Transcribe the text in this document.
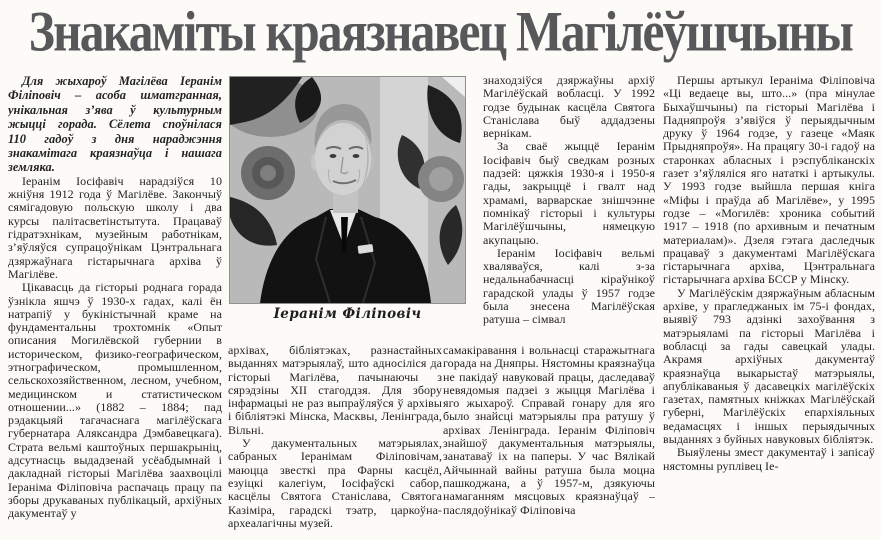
Знакаміты краязнавец Магілёўшчыны

Для жыхароў Магілёва Іеранім Філіповіч – асоба шматгранная, унікальная з’ява ў культурным жыцці горада. Сёлета споўнілася 110 гадоў з дня нараджэння знакамітага краязнаўца і нашага земляка.

Іеранім Іосіфавіч нарадзіўся 10 жніўня 1912 года ў Магілёве. Закончыў сямігадовую польскую школу і два курсы палітасветінстытута. Працаваў гідратэхнікам, музейным работнікам, з’яўляўся супрацоўнікам Цэнтральнага дзяржаўнага гістарычнага архіва ў Магілёве.

Цікавасць да гісторыі роднага горада ўзнікла яшчэ ў 1930-х гадах, калі ён натрапіў у букіністычнай краме на фундаментальны трохтомнік «Опыт описания Могилёвской губернии в историческом, физико-географическом, этнографическом, промышленном, сельскохозяйственном, лесном, учебном, медицинском и статистическом отношении...» (1882 – 1884; пад рэдакцыяй тагачаснага магілёўскага губернатара Аляксандра Дэмбавецкага). Страта вельмі каштоўных першакрыніц, адсутнасць выдадзенай усёабдымнай і дакладнай гісторыі Магілёва заахвоцілі Іераніма Філіповіча распачаць працу па зборы друкаваных публікацый, архіўных дакументаў у

Іеранім Філіповіч

архівах, бібліятэках, разнастайных выданнях матэрыялаў, што адносіліся да гісторыі Магілёва, пачынаючы з сярэдзіны XII стагоддзя. Для збору інфармацыі не раз выпраўляўся ў архівы і бібліятэкі Мінска, Масквы, Ленінграда, Вільні.

У дакументальных матэрыялах, сабраных Іеранімам Філіповічам, маюцца звесткі пра Фарны касцёл, езуіцкі калегіум, Іосіфаўскі сабор, касцёлы Святога Станіслава, Святога Казіміра, гарадскі тэатр, царкоўна-археалагічны музей.

знаходзіўся дзяржаўны архіў Магілёўскай вобласці. У 1992 годзе будынак касцёла Святога Станіслава быў аддадзены вернікам.

За сваё жыццё Іеранім Іосіфавіч быў сведкам розных падзей: цяжкія 1930-я і 1950-я гады, закрыццё і гвалт над храмамі, варварскае знішчэнне помнікаў гісторыі і культуры Магілёўшчыны, нямецкую акупацыю.

Іеранім Іосіфавіч вельмі хваляваўся, калі з-за недальнабачнасці кіраўнікоў гарадской улады ў 1957 годзе была знесена Магілёўская ратуша – сімвал

самакіравання і вольнасці старажытнага горада на Дняпры. Нястомны краязнаўца не пакідаў навуковай працы, даследаваў невядомыя падзеі з жыцця Магілёва і яго жыхароў. Справай гонару для яго было знайсці матэрыялы пра ратушу ў архівах Ленінграда. Іеранім Філіповіч знайшоў дакументальныя матэрыялы, занатаваў іх на паперы. У час Вялікай Айчыннай вайны ратуша была моцна пашкоджана, а ў 1957-м, дзякуючы намаганням мясцовых краязнаўцаў – паслядоўнікаў Філіповіча

Першы артыкул Іераніма Філіповіча «Ці ведаеце вы, што...» (пра мінулае Быхаўшчыны) па гісторыі Магілёва і Падняпроўя з’явіўся ў перыядычным друку ў 1964 годзе, у газеце «Маяк Прыдняпроўя». На працягу 30-і гадоў на старонках абласных і рэспубліканскіх газет з’яўляліся яго нататкі і артыкулы. У 1993 годзе выйшла першая кніга «Міфы і праўда аб Магілёве», у 1995 годзе – «Могилёв: хроника событий 1917 – 1918 (по архивным и печатным материалам)». Дзеля гэтага даследчык працаваў з дакументамі Магілёўскага гістарычнага архіва, Цэнтральнага гістарычнага архіва БССР у Мінску.

У Магілёўскім дзяржаўным абласным архіве, у прагледжаных ім 75-і фондах, выявіў 793 адзінкі захоўвання з матэрыяламі па гісторыі Магілёва і вобласці за гады савецкай улады. Акрамя архіўных дакументаў краязнаўца выкарыстаў матэрыялы, апублікаваныя ў дасавецкіх магілёўскіх газетах, памятных кніжках Магілёўскай губерні, Магілёўскіх епархіяльных ведамасцях і іншых перыядычных выданнях з буйных навуковых бібліятэк.

Выяўлены змест дакументаў і запісаў нястомны руплівец Іе-
